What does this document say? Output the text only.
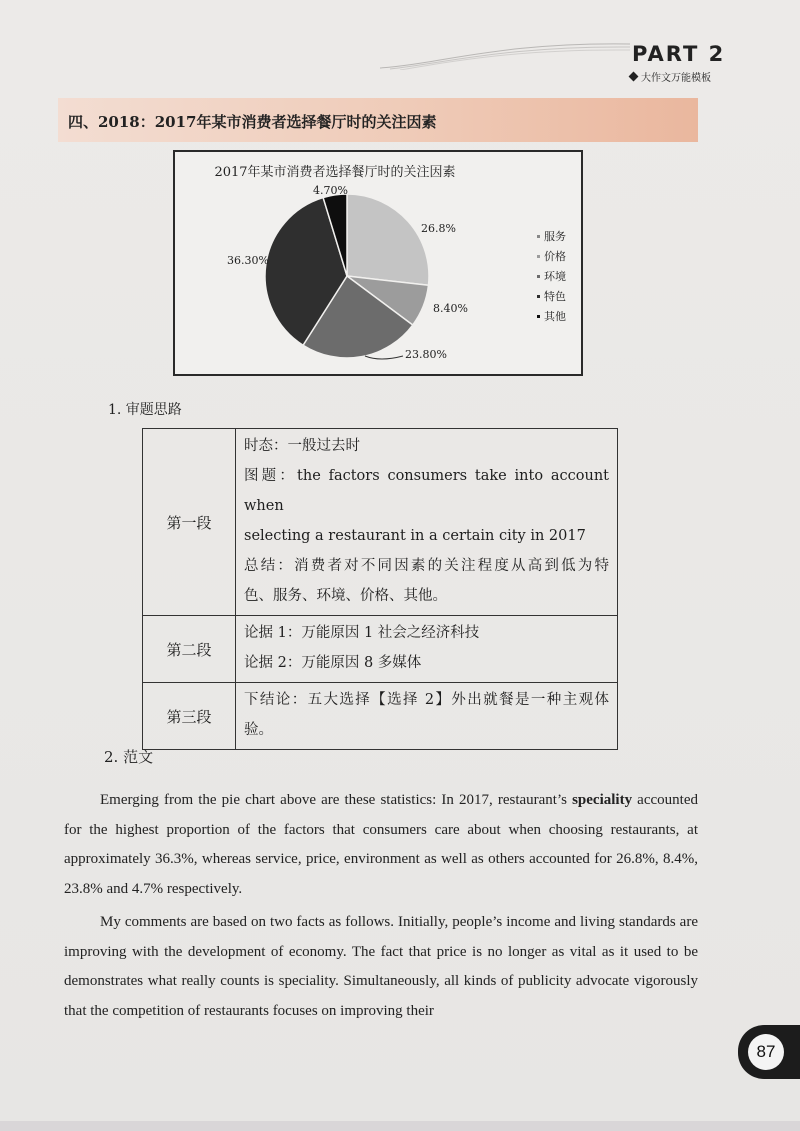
PART 2
大作文万能模板
四、2018：2017年某市消费者选择餐厅时的关注因素
2017年某市消费者选择餐厅时的关注因素
26.8%
8.40%
23.80%
36.30%
4.70%
服务
价格
环境
特色
其他
1. 审题思路
第一段	时态：一般过去时
图题：the factors consumers take into account when
selecting a restaurant in a certain city in 2017
总结：消费者对不同因素的关注程度从高到低为特
色、服务、环境、价格、其他。

第二段	论据 1：万能原因 1 社会之经济科技
论据 2：万能原因 8 多媒体

第三段	下结论：五大选择【选择 2】外出就餐是一种主观体
验。
2. 范文

Emerging from the pie chart above are these statistics: In 2017, restaurant’s speciality accounted for the highest proportion of the factors that consumers care about when choosing restaurants, at approximately 36.3%, whereas service, price, environment as well as others accounted for 26.8%, 8.4%, 23.8% and 4.7% respectively.

My comments are based on two facts as follows. Initially, people’s income and living standards are improving with the development of economy. The fact that price is no longer as vital as it used to be demonstrates what really counts is speciality. Simultaneously, all kinds of publicity advocate vigorously that the competition of restaurants focuses on improving their

87
